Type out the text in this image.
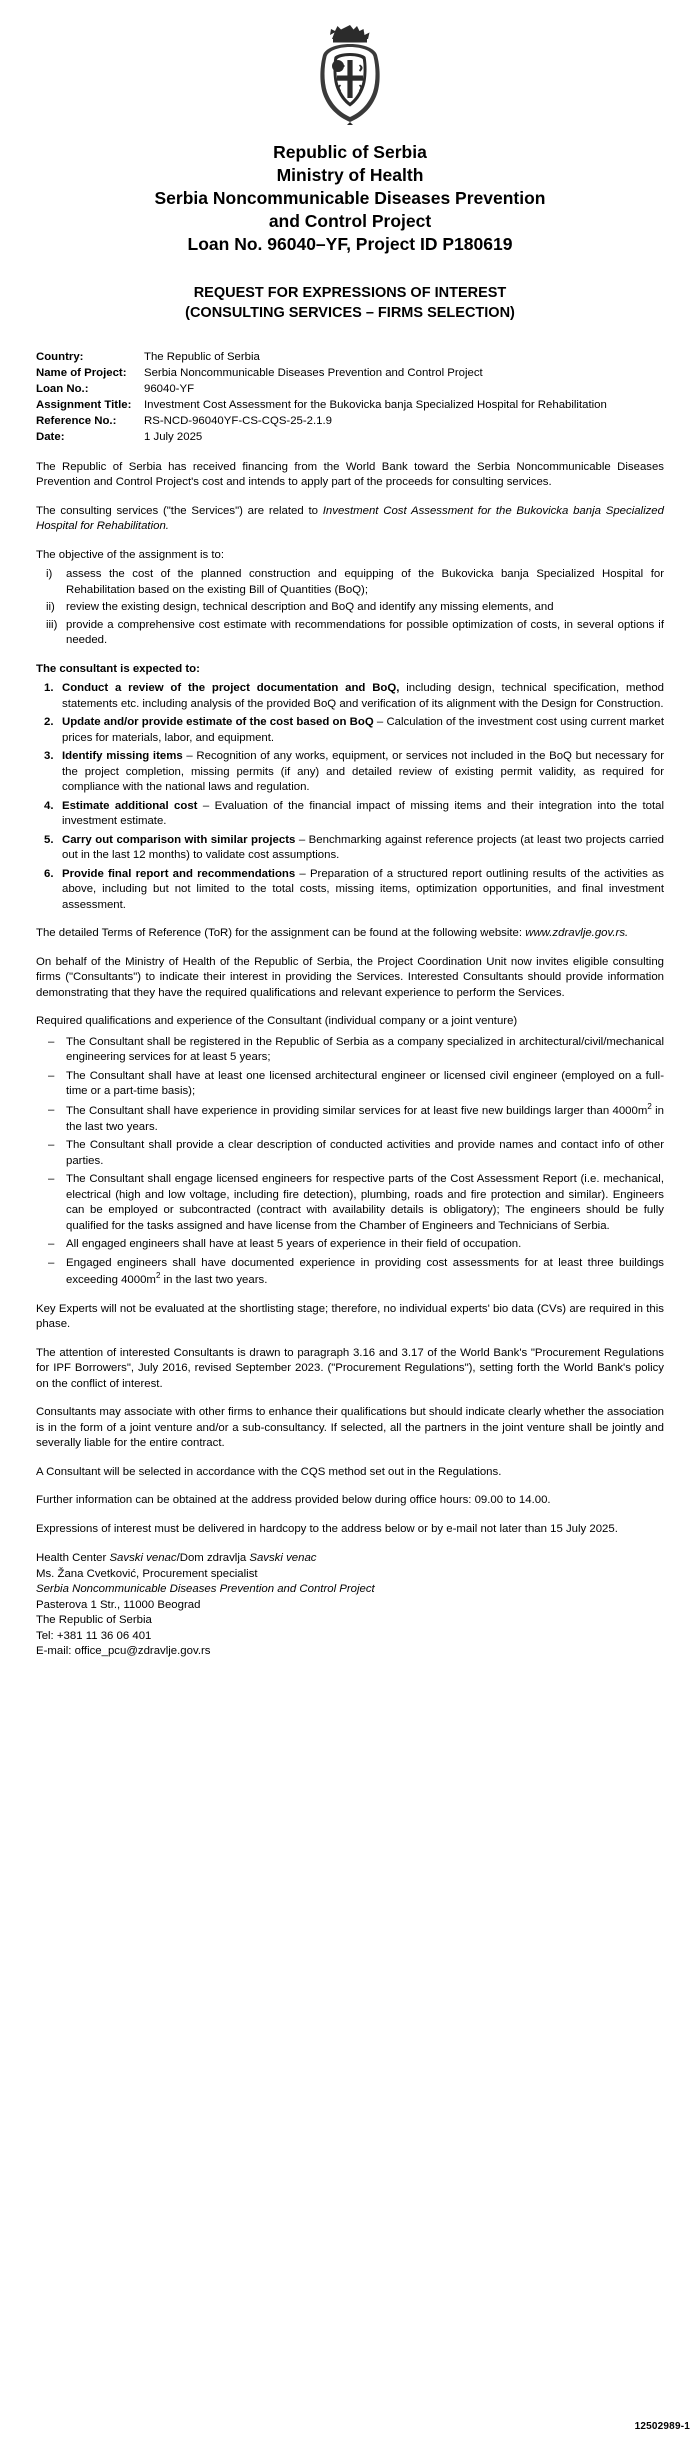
Republic of Serbia
Ministry of Health
Serbia Noncommunicable Diseases Prevention
and Control Project
Loan No. 96040–YF, Project ID P180619
REQUEST FOR EXPRESSIONS OF INTEREST
(CONSULTING SERVICES – FIRMS SELECTION)
Country:	The Republic of Serbia
Name of Project:	Serbia Noncommunicable Diseases Prevention and Control Project
Loan No.:	96040-YF
Assignment Title:	Investment Cost Assessment for the Bukovicka banja Specialized Hospital for Rehabilitation
Reference No.:	RS-NCD-96040YF-CS-CQS-25-2.1.9
Date:	1 July 2025

The Republic of Serbia has received financing from the World Bank toward the Serbia Noncommunicable Diseases Prevention and Control Project's cost and intends to apply part of the proceeds for consulting services.

The consulting services ("the Services") are related to Investment Cost Assessment for the Bukovicka banja Specialized Hospital for Rehabilitation.

The objective of the assignment is to:

i) assess the cost of the planned construction and equipping of the Bukovicka banja Specialized Hospital for Rehabilitation based on the existing Bill of Quantities (BoQ);
ii) review the existing design, technical description and BoQ and identify any missing elements, and
iii) provide a comprehensive cost estimate with recommendations for possible optimization of costs, in several options if needed.

The consultant is expected to:

1. Conduct a review of the project documentation and BoQ, including design, technical specification, method statements etc. including analysis of the provided BoQ and verification of its alignment with the Design for Construction.
2. Update and/or provide estimate of the cost based on BoQ – Calculation of the investment cost using current market prices for materials, labor, and equipment.
3. Identify missing items – Recognition of any works, equipment, or services not included in the BoQ but necessary for the project completion, missing permits (if any) and detailed review of existing permit validity, as required for compliance with the national laws and regulation.
4. Estimate additional cost – Evaluation of the financial impact of missing items and their integration into the total investment estimate.
5. Carry out comparison with similar projects – Benchmarking against reference projects (at least two projects carried out in the last 12 months) to validate cost assumptions.
6. Provide final report and recommendations – Preparation of a structured report outlining results of the activities as above, including but not limited to the total costs, missing items, optimization opportunities, and final investment assessment.

The detailed Terms of Reference (ToR) for the assignment can be found at the following website: www.zdravlje.gov.rs.

On behalf of the Ministry of Health of the Republic of Serbia, the Project Coordination Unit now invites eligible consulting firms ("Consultants") to indicate their interest in providing the Services. Interested Consultants should provide information demonstrating that they have the required qualifications and relevant experience to perform the Services.

Required qualifications and experience of the Consultant (individual company or a joint venture)

– The Consultant shall be registered in the Republic of Serbia as a company specialized in architectural/civil/mechanical engineering services for at least 5 years;
– The Consultant shall have at least one licensed architectural engineer or licensed civil engineer (employed on a full-time or a part-time basis);
– The Consultant shall have experience in providing similar services for at least five new buildings larger than $4000m^2$ in the last two years.
– The Consultant shall provide a clear description of conducted activities and provide names and contact info of other parties.
– The Consultant shall engage licensed engineers for respective parts of the Cost Assessment Report (i.e. mechanical, electrical (high and low voltage, including fire detection), plumbing, roads and fire protection and similar). Engineers can be employed or subcontracted (contract with availability details is obligatory); The engineers should be fully qualified for the tasks assigned and have license from the Chamber of Engineers and Technicians of Serbia.
– All engaged engineers shall have at least 5 years of experience in their field of occupation.
– Engaged engineers shall have documented experience in providing cost assessments for at least three buildings exceeding $4000m^2$ in the last two years.

Key Experts will not be evaluated at the shortlisting stage; therefore, no individual experts' bio data (CVs) are required in this phase.

The attention of interested Consultants is drawn to paragraph 3.16 and 3.17 of the World Bank's "Procurement Regulations for IPF Borrowers", July 2016, revised September 2023. ("Procurement Regulations"), setting forth the World Bank's policy on the conflict of interest.

Consultants may associate with other firms to enhance their qualifications but should indicate clearly whether the association is in the form of a joint venture and/or a sub-consultancy. If selected, all the partners in the joint venture shall be jointly and severally liable for the entire contract.

A Consultant will be selected in accordance with the CQS method set out in the Regulations.

Further information can be obtained at the address provided below during office hours: 09.00 to 14.00.

Expressions of interest must be delivered in hardcopy to the address below or by e-mail not later than 15 July 2025.

Health Center Savski venac/Dom zdravlja Savski venac
Ms. Žana Cvetković, Procurement specialist
Serbia Noncommunicable Diseases Prevention and Control Project
Pasterova 1 Str., 11000 Beograd
The Republic of Serbia
Tel: +381 11 36 06 401
E-mail: office_pcu@zdravlje.gov.rs
12502989-1
